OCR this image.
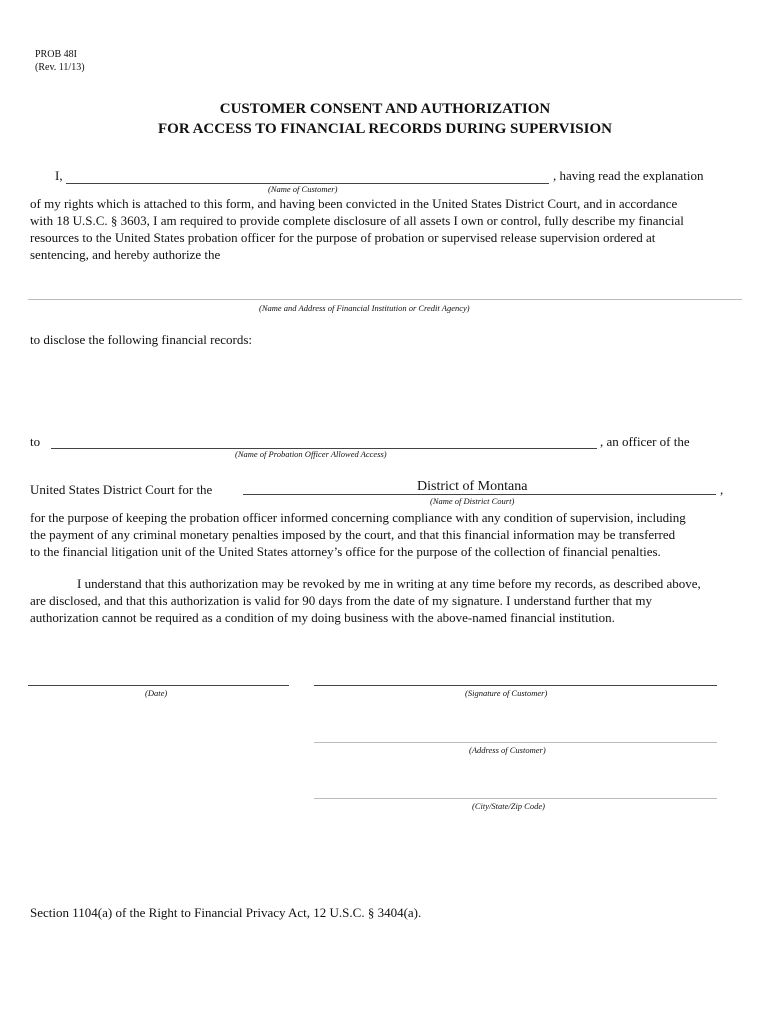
PROB 48I
(Rev. 11/13)
CUSTOMER CONSENT AND AUTHORIZATION
FOR ACCESS TO FINANCIAL RECORDS DURING SUPERVISION
I,	, having read the explanation
(Name of Customer)
of my rights which is attached to this form, and having been convicted in the United States District Court, and in accordance
with 18 U.S.C. § 3603, I am required to provide complete disclosure of all assets I own or control, fully describe my financial
resources to the United States probation officer for the purpose of probation or supervised release supervision ordered at
sentencing, and hereby authorize the
(Name and Address of Financial Institution or Credit Agency)
to disclose the following financial records:
to	, an officer of the
(Name of Probation Officer Allowed Access)
United States District Court for the	District of Montana	,
(Name of District Court)
for the purpose of keeping the probation officer informed concerning compliance with any condition of supervision, including
the payment of any criminal monetary penalties imposed by the court, and that this financial information may be transferred
to the financial litigation unit of the United States attorney’s office for the purpose of the collection of financial penalties.
I understand that this authorization may be revoked by me in writing at any time before my records, as described above,
are disclosed, and that this authorization is valid for 90 days from the date of my signature. I understand further that my
authorization cannot be required as a condition of my doing business with the above-named financial institution.
(Date)	(Signature of Customer)
(Address of Customer)
(City/State/Zip Code)
Section 1104(a) of the Right to Financial Privacy Act, 12 U.S.C. § 3404(a).
